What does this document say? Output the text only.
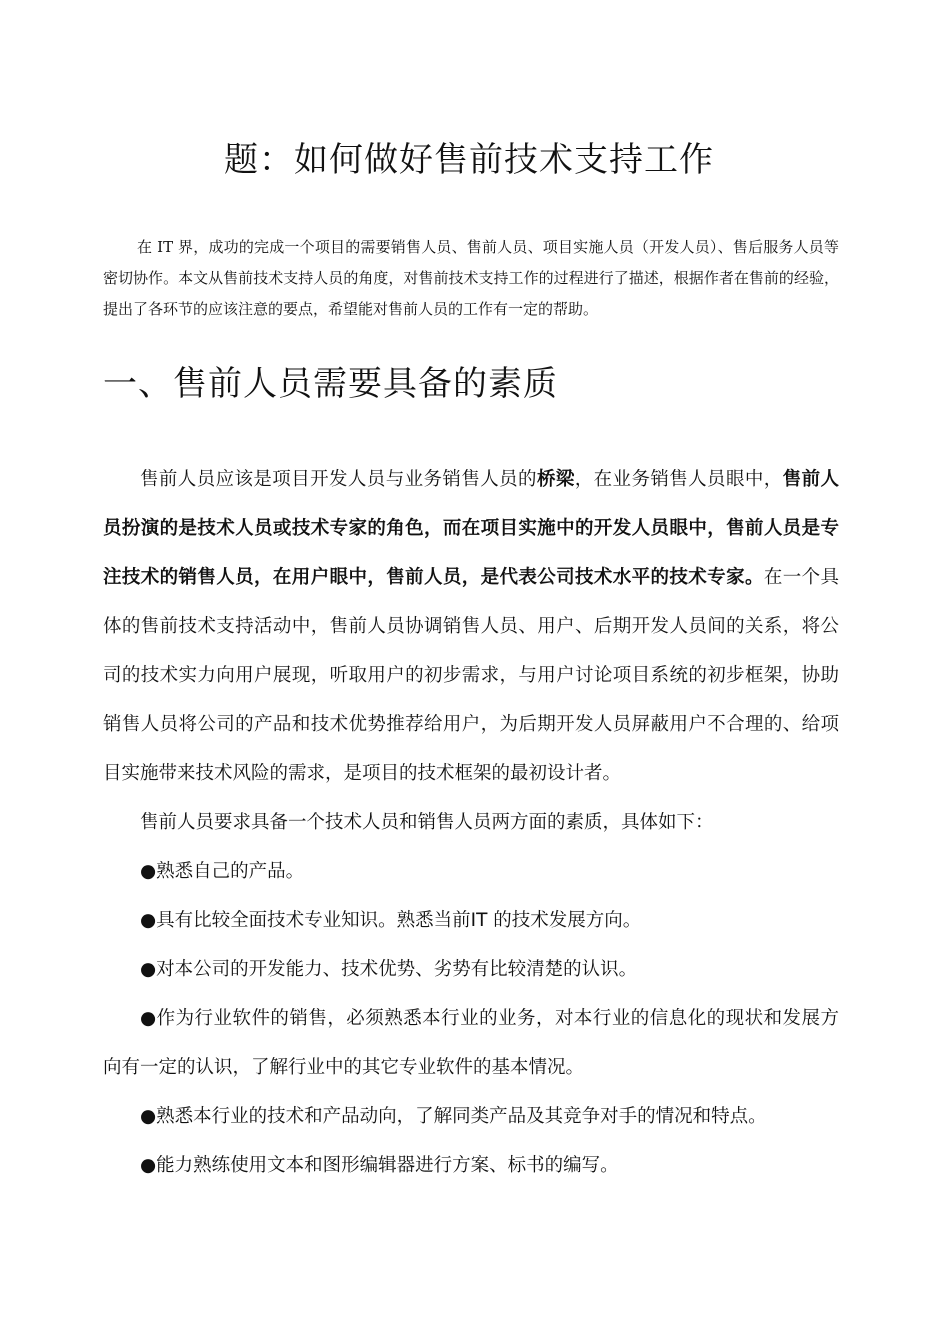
题：如何做好售前技术支持工作

在 IT 界，成功的完成一个项目的需要销售人员、售前人员、项目实施人员（开发人员）、售后服务人员等密切协作。本文从售前技术支持人员的角度，对售前技术支持工作的过程进行了描述，根据作者在售前的经验，提出了各环节的应该注意的要点，希望能对售前人员的工作有一定的帮助。

一、售前人员需要具备的素质

售前人员应该是项目开发人员与业务销售人员的桥梁，在业务销售人员眼中，售前人员扮演的是技术人员或技术专家的角色，而在项目实施中的开发人员眼中，售前人员是专注技术的销售人员，在用户眼中，售前人员，是代表公司技术水平的技术专家。在一个具体的售前技术支持活动中，售前人员协调销售人员、用户、后期开发人员间的关系，将公司的技术实力向用户展现，听取用户的初步需求，与用户讨论项目系统的初步框架，协助销售人员将公司的产品和技术优势推荐给用户，为后期开发人员屏蔽用户不合理的、给项目实施带来技术风险的需求，是项目的技术框架的最初设计者。

售前人员要求具备一个技术人员和销售人员两方面的素质，具体如下：

●熟悉自己的产品。

●具有比较全面技术专业知识。熟悉当前IT 的技术发展方向。

●对本公司的开发能力、技术优势、劣势有比较清楚的认识。

●作为行业软件的销售，必须熟悉本行业的业务，对本行业的信息化的现状和发展方向有一定的认识，了解行业中的其它专业软件的基本情况。

●熟悉本行业的技术和产品动向，了解同类产品及其竞争对手的情况和特点。

●能力熟练使用文本和图形编辑器进行方案、标书的编写。
